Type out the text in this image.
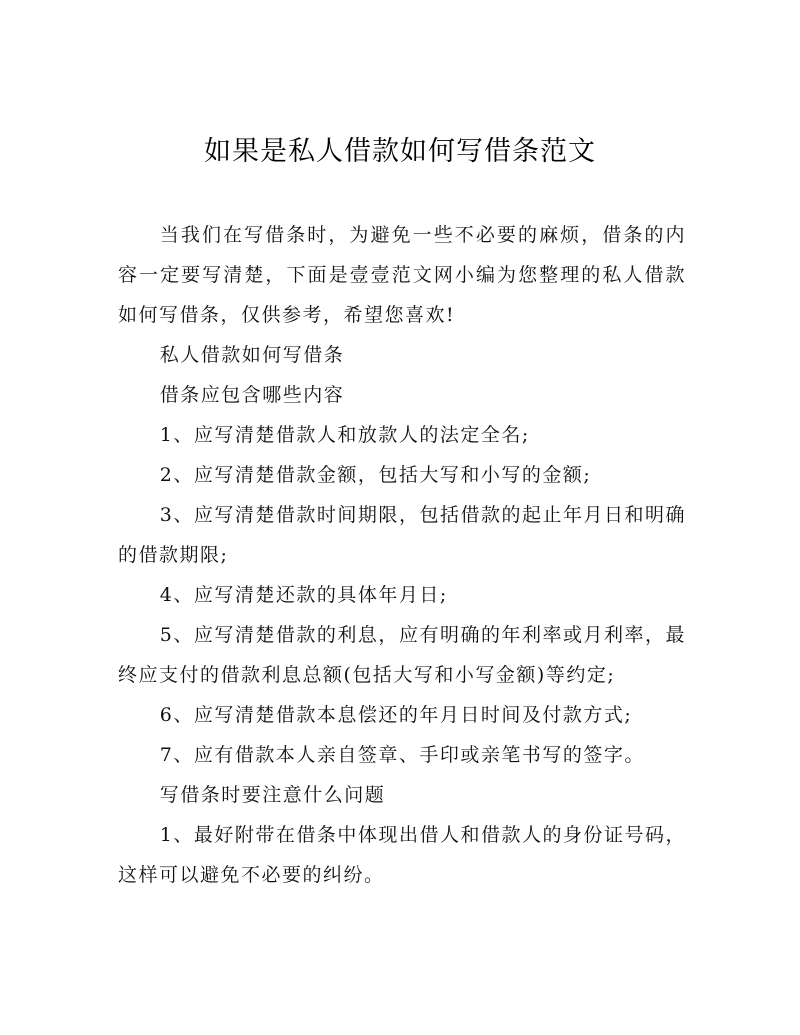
如果是私人借款如何写借条范文

当我们在写借条时，为避免一些不必要的麻烦，借条的内容一定要写清楚，下面是壹壹范文网小编为您整理的私人借款如何写借条，仅供参考，希望您喜欢!

私人借款如何写借条

借条应包含哪些内容

1、应写清楚借款人和放款人的法定全名;

2、应写清楚借款金额，包括大写和小写的金额;

3、应写清楚借款时间期限，包括借款的起止年月日和明确的借款期限;

4、应写清楚还款的具体年月日;

5、应写清楚借款的利息，应有明确的年利率或月利率，最终应支付的借款利息总额(包括大写和小写金额)等约定;

6、应写清楚借款本息偿还的年月日时间及付款方式;

7、应有借款本人亲自签章、手印或亲笔书写的签字。

写借条时要注意什么问题

1、最好附带在借条中体现出借人和借款人的身份证号码，这样可以避免不必要的纠纷。
